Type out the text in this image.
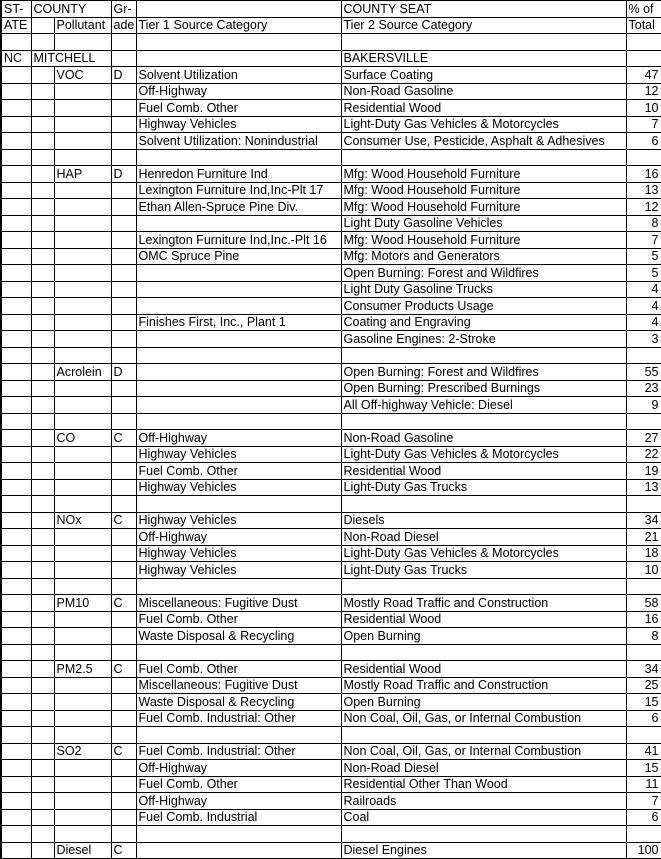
ST-	COUNTY		Gr-		COUNTY SEAT	% of
ATE		Pollutant	ade	Tier 1 Source Category	Tier 2 Source Category	Total

NC	MITCHELL				BAKERSVILLE	
		VOC	D	Solvent Utilization	Surface Coating	47
				Off-Highway	Non-Road Gasoline	12
				Fuel Comb. Other	Residential Wood	10
				Highway Vehicles	Light-Duty Gas Vehicles & Motorcycles	7
				Solvent Utilization: Nonindustrial	Consumer Use, Pesticide, Asphalt & Adhesives	6

		HAP	D	Henredon Furniture Ind	Mfg: Wood Household Furniture	16
				Lexington Furniture Ind,Inc-Plt 17	Mfg: Wood Household Furniture	13
				Ethan Allen-Spruce Pine Div.	Mfg: Wood Household Furniture	12
					Light Duty Gasoline Vehicles	8
				Lexington Furniture Ind,Inc.-Plt 16	Mfg: Wood Household Furniture	7
				OMC Spruce Pine	Mfg: Motors and Generators	5
					Open Burning: Forest and Wildfires	5
					Light Duty Gasoline Trucks	4
					Consumer Products Usage	4
				Finishes First, Inc., Plant 1	Coating and Engraving	4
					Gasoline Engines: 2-Stroke	3

		Acrolein	D		Open Burning: Forest and Wildfires	55
					Open Burning: Prescribed Burnings	23
					All Off-highway Vehicle: Diesel	9

		CO	C	Off-Highway	Non-Road Gasoline	27
				Highway Vehicles	Light-Duty Gas Vehicles & Motorcycles	22
				Fuel Comb. Other	Residential Wood	19
				Highway Vehicles	Light-Duty Gas Trucks	13

		NOx	C	Highway Vehicles	Diesels	34
				Off-Highway	Non-Road Diesel	21
				Highway Vehicles	Light-Duty Gas Vehicles & Motorcycles	18
				Highway Vehicles	Light-Duty Gas Trucks	10

		PM10	C	Miscellaneous: Fugitive Dust	Mostly Road Traffic and Construction	58
				Fuel Comb. Other	Residential Wood	16
				Waste Disposal & Recycling	Open Burning	8

		PM2.5	C	Fuel Comb. Other	Residential Wood	34
				Miscellaneous: Fugitive Dust	Mostly Road Traffic and Construction	25
				Waste Disposal & Recycling	Open Burning	15
				Fuel Comb. Industrial: Other	Non Coal, Oil, Gas, or Internal Combustion	6

		SO2	C	Fuel Comb. Industrial: Other	Non Coal, Oil, Gas, or Internal Combustion	41
				Off-Highway	Non-Road Diesel	15
				Fuel Comb. Other	Residential Other Than Wood	11
				Off-Highway	Railroads	7
				Fuel Comb. Industrial	Coal	6

		Diesel	C		Diesel Engines	100
